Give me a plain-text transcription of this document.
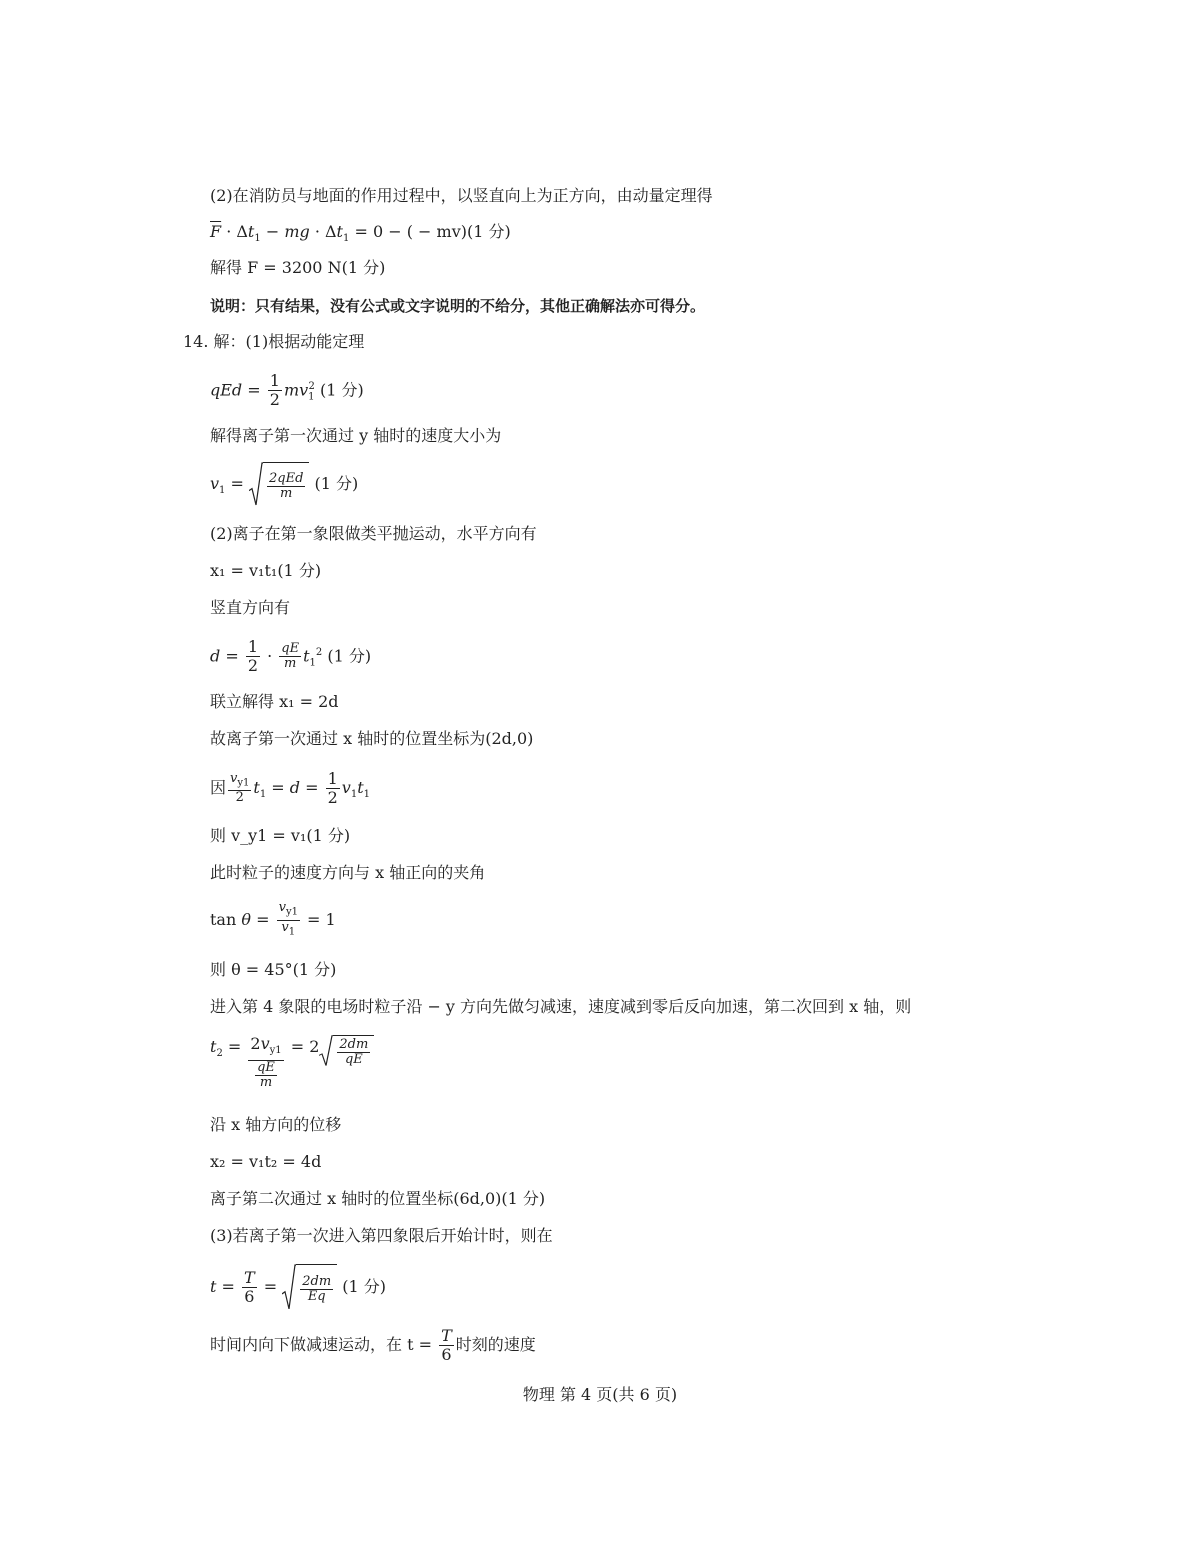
(2)在消防员与地面的作用过程中，以竖直向上为正方向，由动量定理得
$\overline{F} \cdot \Delta t_1$ − mg · $\Delta t_1 = 0$ − ( − mv)(1 分)
解得 F = 3200 N(1 分)
说明：只有结果，没有公式或文字说明的不给分，其他正确解法亦可得分。
14. 解：(1)根据动能定理
qEd = $\frac{1}{2} mv_1^2$ (1 分)
解得离子第一次通过 y 轴时的速度大小为
$v_1 = \frac{\text{2qEd}}{m} (1$ 分)
(2)离子在第一象限做类平抛运动，水平方向有
x₁ = v₁t₁(1 分)
竖直方向有
$d = \frac{1}{2} \cdot \frac{qE}{m} t_1^2$ (1 分)
联立解得 x₁ = 2d
故离子第一次通过 x 轴时的位置坐标为(2d,0)
因 $\frac{v_{y1}}{2} t_1 = d = \frac{1}{2} v_1t_1$
则 v_y1 = v₁(1 分)
此时粒子的速度方向与 x 轴正向的夹角
$\tan \theta = \frac{v_{y1}}{v_1} = 1$
则 θ = 45°(1 分)
进入第 4 象限的电场时粒子沿 − y 方向先做匀减速，速度减到零后反向加速，第二次回到 x 轴，则
$t_2 = \frac{2v_{y1}}{\frac{qE}{m}} = 2 \frac{2dm}{qE}$
沿 x 轴方向的位移
x₂ = v₁t₂ = 4d
离子第二次通过 x 轴时的位置坐标(6d,0)(1 分)
(3)若离子第一次进入第四象限后开始计时，则在
$t = \frac{T}{6} = \frac{2dm}{Eq} (1$ 分)
时间内向下做减速运动，在 $t = \frac{T}{6}$ 时刻的速度
物理 第 4 页(共 6 页)
